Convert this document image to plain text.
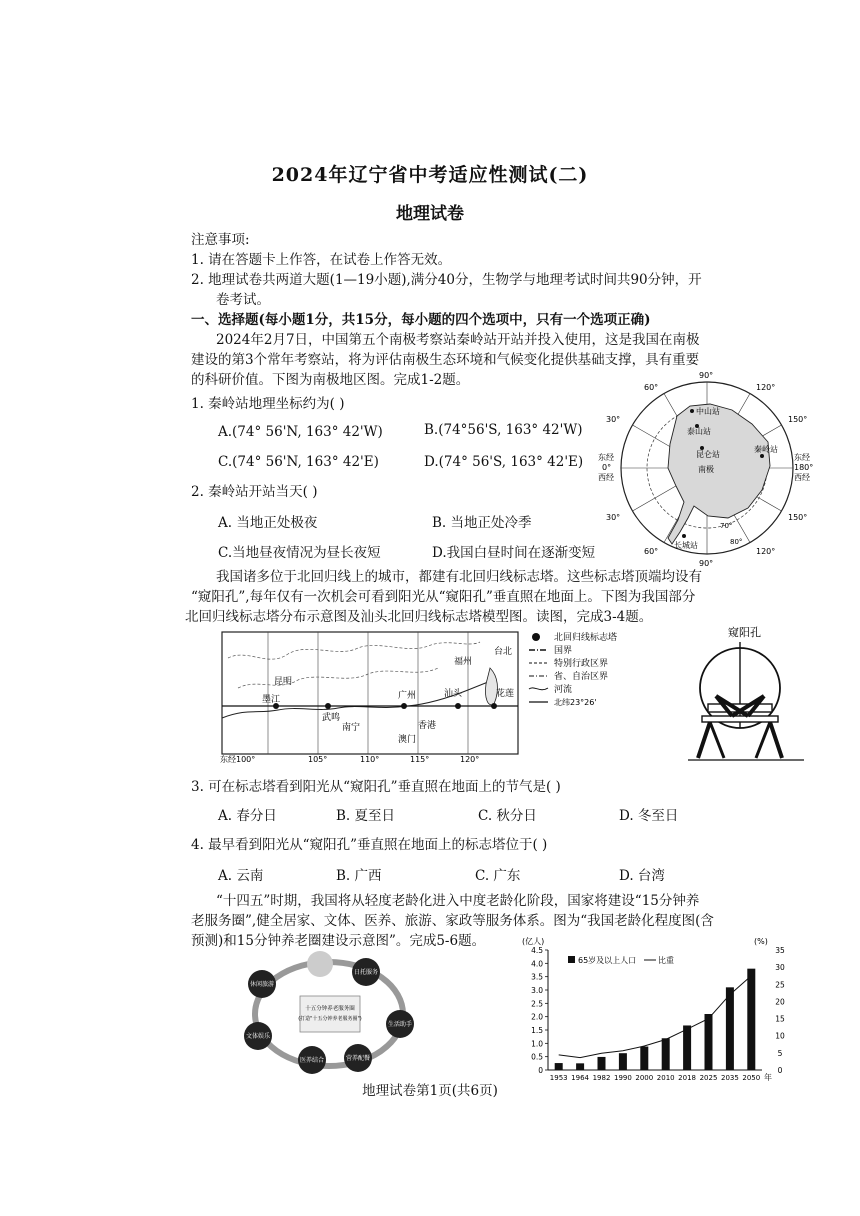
2024年辽宁省中考适应性测试(二)
地理试卷
注意事项:
1. 请在答题卡上作答，在试卷上作答无效。
2. 地理试卷共两道大题(1—19小题),满分40分，生物学与地理考试时间共90分钟，开
卷考试。
一、选择题(每小题1分，共15分，每小题的四个选项中，只有一个选项正确)
2024年2月7日，中国第五个南极考察站秦岭站开站并投入使用，这是我国在南极
建设的第3个常年考察站，将为评估南极生态环境和气候变化提供基础支撑，具有重要
的科研价值。下图为南极地区图。完成1-2题。
1. 秦岭站地理坐标约为( )
A.(74° 56'N, 163° 42'W)	B.(74°56'S, 163° 42'W)
C.(74° 56'N, 163° 42'E)	D.(74° 56'S, 163° 42'E)
2. 秦岭站开站当天( )
A. 当地正处极夜	B. 当地正处冷季
C.当地昼夜情况为昼长夜短	D.我国白昼时间在逐渐变短
中山站
泰山站
昆仑站
南极
秦岭站
长城站
70°
80°
90°
90°
60°	120°
30°	150°
东经
0°
西经
东经
180°
西经
30°	150°
60°	120°
我国诸多位于北回归线上的城市，都建有北回归线标志塔。这些标志塔顶端均设有
“窥阳孔”,每年仅有一次机会可看到阳光从“窥阳孔”垂直照在地面上。下图为我国部分
北回归线标志塔分布示意图及汕头北回归线标志塔模型图。读图，完成3-4题。
昆明
墨江
武鸣
南宁
广州	汕头
香港
澳门
福州
台北
花莲
东经100°	105°	110°	115°	120°
北回归线标志塔
国界
特别行政区界
省、自治区界
河流
北纬23°26'
窥阳孔
3. 可在标志塔看到阳光从“窥阳孔”垂直照在地面上的节气是( )
A. 春分日	B. 夏至日	C. 秋分日	D. 冬至日
4. 最早看到阳光从“窥阳孔”垂直照在地面上的标志塔位于( )
A. 云南	B. 广西	C. 广东	D. 台湾
“十四五”时期，我国将从轻度老龄化进入中度老龄化阶段，国家将建设“15分钟养
老服务圈”,健全居家、文体、医养、旅游、家政等服务体系。图为“我国老龄化程度图(含
预测)和15分钟养老圈建设示意图”。完成5-6题。
十五分钟养老服务圈
(打造"十五分钟养老服务圈")
日托服务
休闲旅游
生活助手
文体娱乐
医养结合	营养配餐
(亿人)	(%)
0
0.5
1.0
1.5
2.0
2.5
3.0
3.5
4.0
4.5
0
5
10
15
20
25
30
35
1953 1964 1982 1990 2000 2010 2018 2025 2035 2050 年
65岁及以上人口	比重
地理试卷第1页(共6页)
